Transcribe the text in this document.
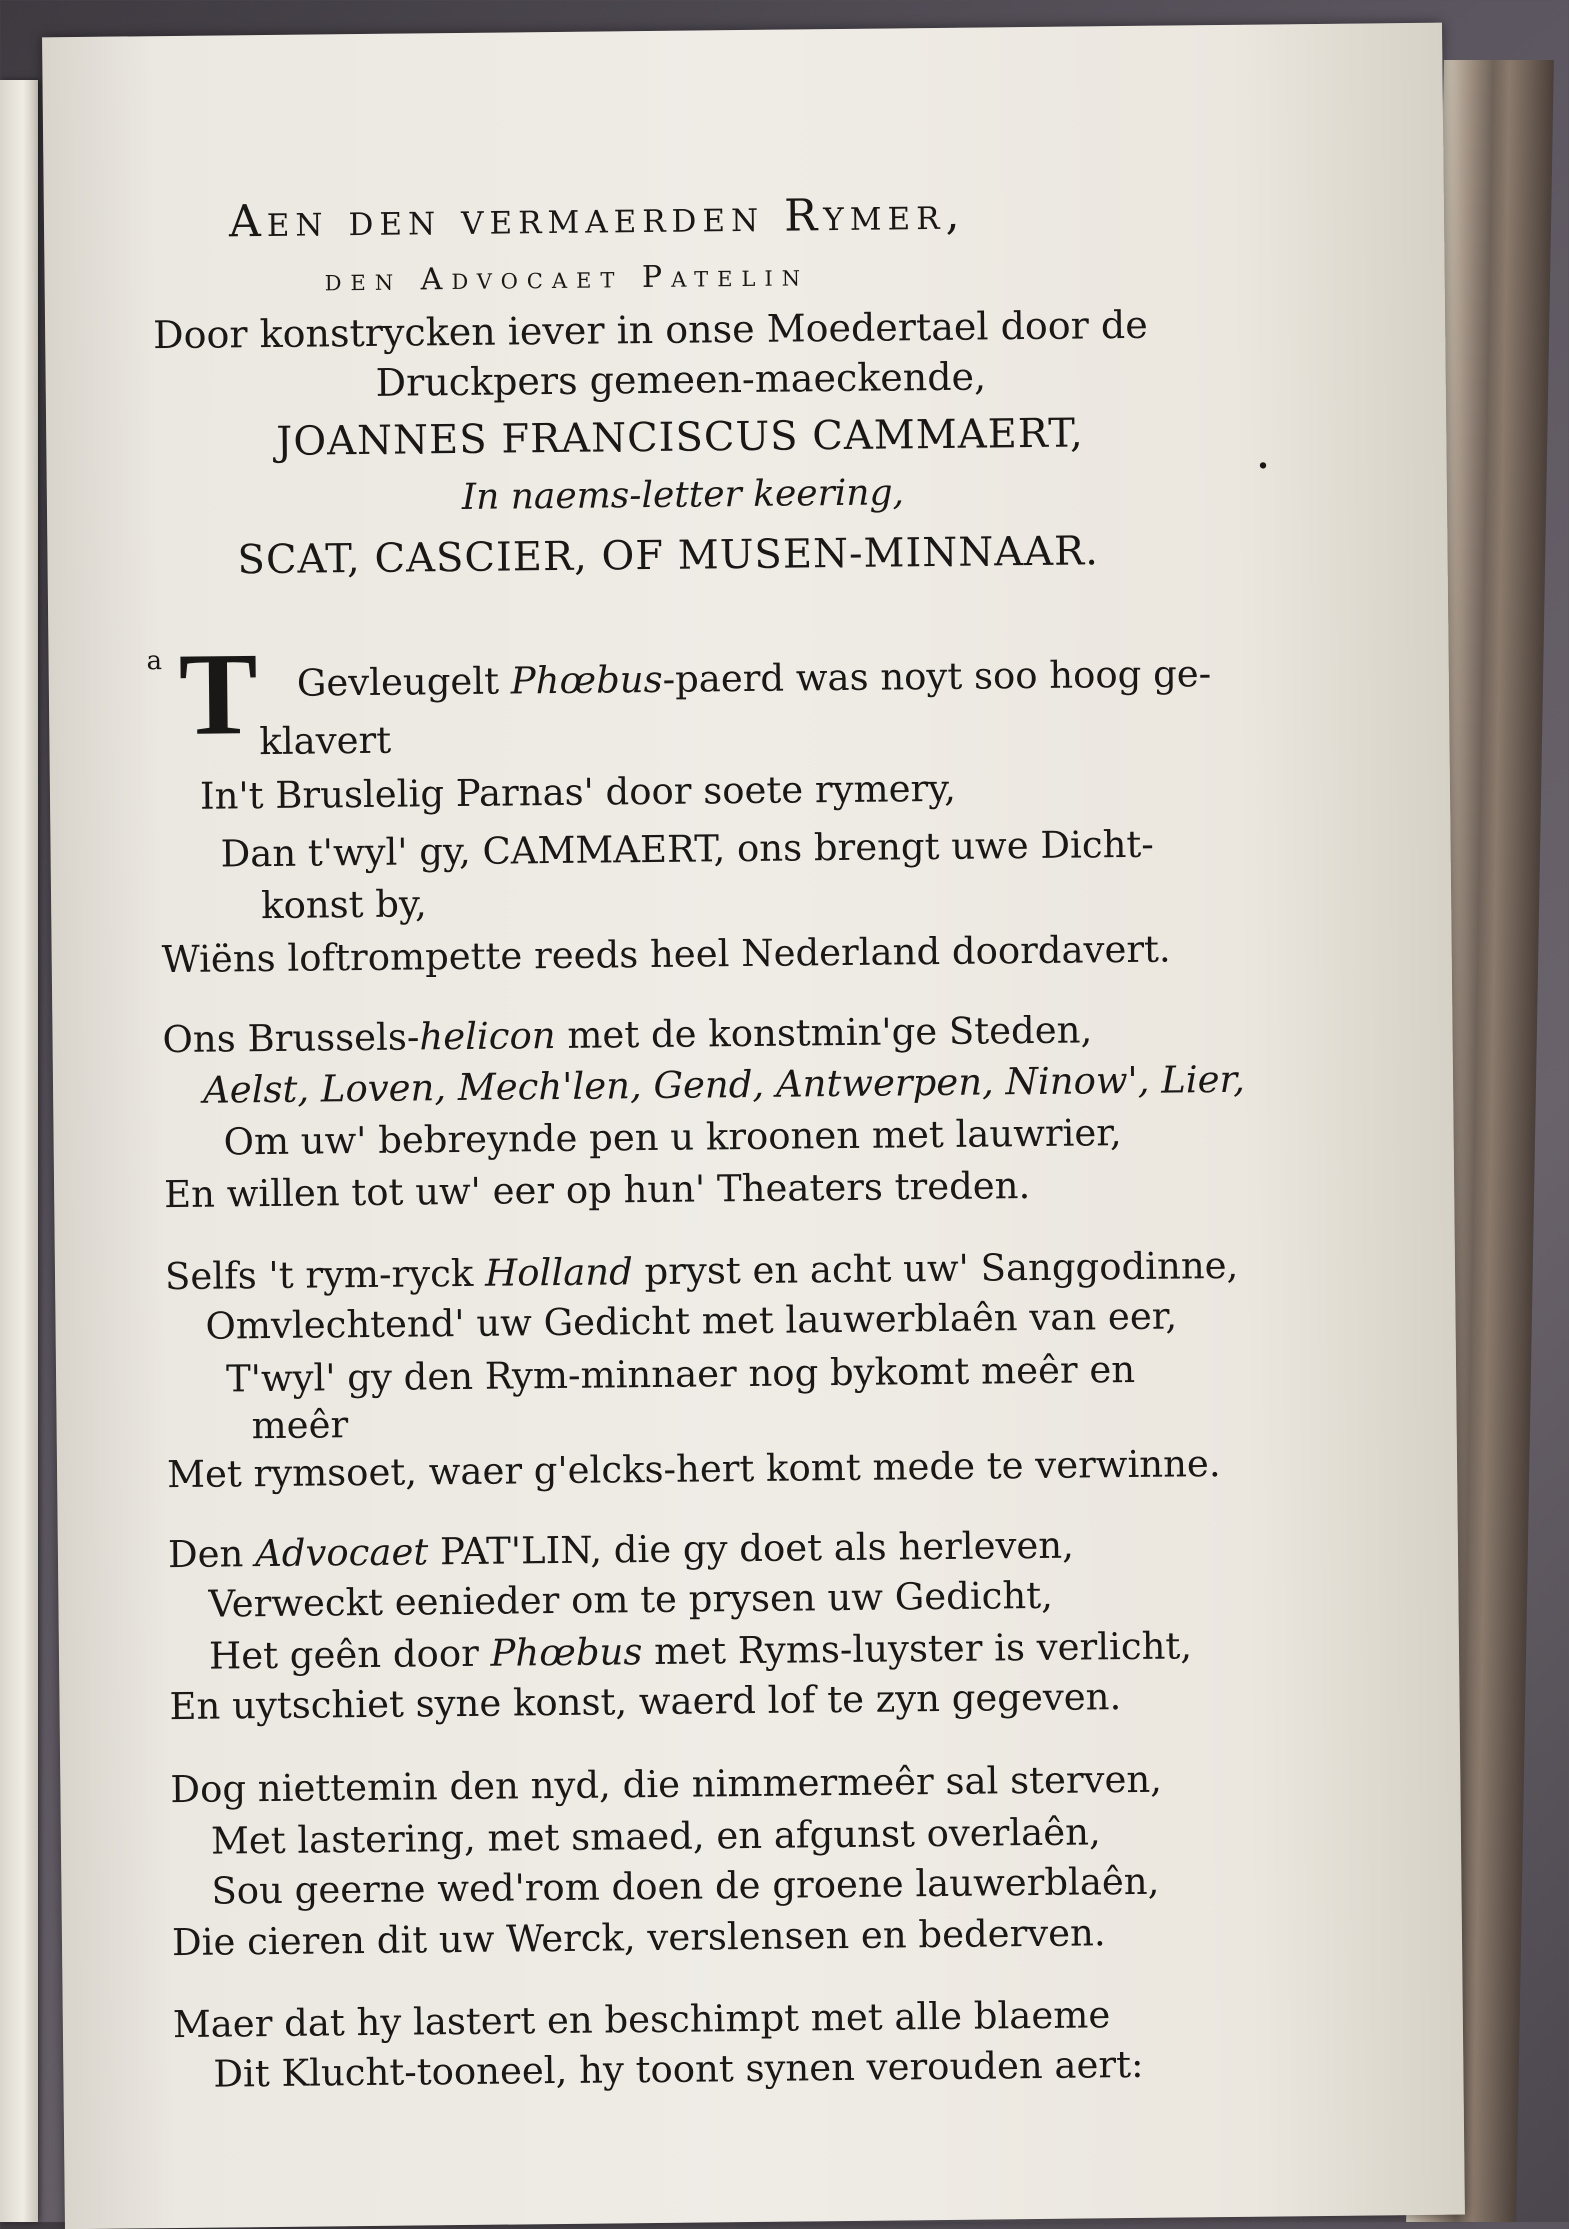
Aen den vermaerden Rymer,
den Advocaet Patelin
Door konstrycken iever in onse Moedertael door de
Druckpers gemeen-maeckende,
JOANNES FRANCISCUS CAMMAERT,
In naems-letter keering,
SCAT, CASCIER, OF MUSEN-MINNAAR.
a
•
T Gevleugelt Phœbus-paerd was noyt soo hoog ge-
klavert
In't Bruslelig Parnas' door soete rymery,
Dan t'wyl' gy, CAMMAERT, ons brengt uwe Dicht-
konst by,
Wiëns loftrompette reeds heel Nederland doordavert.
Ons Brussels-helicon met de konstmin'ge Steden,
Aelst, Loven, Mech'len, Gend, Antwerpen, Ninow', Lier,
Om uw' bebreynde pen u kroonen met lauwrier,
En willen tot uw' eer op hun' Theaters treden.
Selfs 't rym-ryck Holland pryst en acht uw' Sanggodinne,
Omvlechtend' uw Gedicht met lauwerblaên van eer,
T'wyl' gy den Rym-minnaer nog bykomt meêr en
meêr
Met rymsoet, waer g'elcks-hert komt mede te verwinne.
Den Advocaet PAT'LIN, die gy doet als herleven,
Verweckt eenieder om te prysen uw Gedicht,
Het geên door Phœbus met Ryms-luyster is verlicht,
En uytschiet syne konst, waerd lof te zyn gegeven.
Dog niettemin den nyd, die nimmermeêr sal sterven,
Met lastering, met smaed, en afgunst overlaên,
Sou geerne wed'rom doen de groene lauwerblaên,
Die cieren dit uw Werck, verslensen en bederven.
Maer dat hy lastert en beschimpt met alle blaeme
Dit Klucht-tooneel, hy toont synen verouden aert:
